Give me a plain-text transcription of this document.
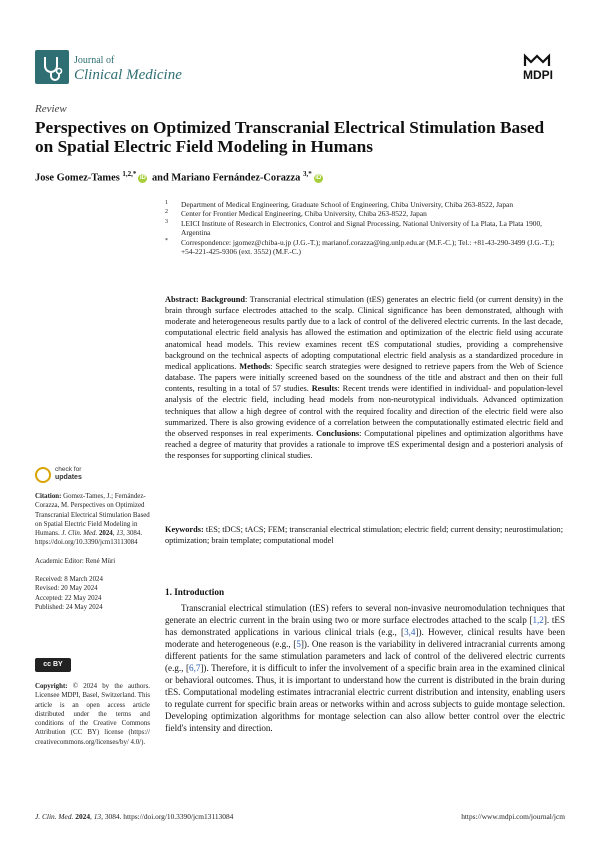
Journal of
Clinical Medicine	MDPI
Review
Perspectives on Optimized Transcranial Electrical Stimulation Based on Spatial Electric Field Modeling in Humans
Jose Gomez-Tames $^{1,2,*}$iD and Mariano Fernández-Corazza $^{3,*}$iD
1 Department of Medical Engineering, Graduate School of Engineering, Chiba University, Chiba 263-8522, Japan
2 Center for Frontier Medical Engineering, Chiba University, Chiba 263-8522, Japan
3 LEICI Institute of Research in Electronics, Control and Signal Processing, National University of La Plata, La Plata 1900, Argentina
* Correspondence: jgomez@chiba-u.jp (J.G.-T.); marianof.corazza@ing.unlp.edu.ar (M.F.-C.); Tel.: +81-43-290-3499 (J.G.-T.); +54-221-425-9306 (ext. 3552) (M.F.-C.)
Abstract: Background: Transcranial electrical stimulation (tES) generates an electric field (or current density) in the brain through surface electrodes attached to the scalp. Clinical significance has been demonstrated, although with moderate and heterogeneous results partly due to a lack of control of the delivered electric currents. In the last decade, computational electric field analysis has allowed the estimation and optimization of the electric field using accurate anatomical head models. This review examines recent tES computational studies, providing a comprehensive background on the technical aspects of adopting computational electric field analysis as a standardized procedure in medical applications. Methods: Specific search strategies were designed to retrieve papers from the Web of Science database. The papers were initially screened based on the soundness of the title and abstract and then on their full contents, resulting in a total of 57 studies. Results: Recent trends were identified in individual- and population-level analysis of the electric field, including head models from non-neurotypical individuals. Advanced optimization techniques that allow a high degree of control with the required focality and direction of the electric field were also summarized. There is also growing evidence of a correlation between the computationally estimated electric field and the observed responses in real experiments. Conclusions: Computational pipelines and optimization algorithms have reached a degree of maturity that provides a rationale to improve tES experimental design and a posteriori analysis of the responses for supporting clinical studies.
Keywords: tES; tDCS; tACS; FEM; transcranial electrical stimulation; electric field; current density; neurostimulation; optimization; brain template; computational model
check for
updates

Citation: Gomez-Tames, J.; Fernández-Corazza, M. Perspectives on Optimized Transcranial Electrical Stimulation Based on Spatial Electric Field Modeling in Humans. J. Clin. Med. 2024, 13, 3084. https://doi.org/10.3390/jcm13113084

Academic Editor: René Müri

Received: 8 March 2024

Revised: 20 May 2024

Accepted: 22 May 2024

Published: 24 May 2024

cc BY
Copyright: © 2024 by the authors. Licensee MDPI, Basel, Switzerland. This article is an open access article distributed under the terms and conditions of the Creative Commons Attribution (CC BY) license (https:// creativecommons.org/licenses/by/ 4.0/).
1. Introduction
Transcranial electrical stimulation (tES) refers to several non-invasive neuromodulation techniques that generate an electric current in the brain using two or more surface electrodes attached to the scalp [1,2]. tES has demonstrated applications in various clinical trials (e.g., [3,4]). However, clinical results have been moderate and heterogeneous (e.g., [5]). One reason is the variability in delivered intracranial currents among different patients for the same stimulation parameters and lack of control of the delivered electric currents (e.g., [6,7]). Therefore, it is difficult to infer the involvement of a specific brain area in the examined clinical or behavioral outcomes. Thus, it is important to understand how the current is distributed in the brain during tES. Computational modeling estimates intracranial electric current distribution and intensity, enabling users to regulate current for specific brain areas or networks within and across subjects to guide montage selection. Developing optimization algorithms for montage selection can also allow better control over the electric field's intensity and direction.
J. Clin. Med. 2024, 13, 3084. https://doi.org/10.3390/jcm13113084	https://www.mdpi.com/journal/jcm
